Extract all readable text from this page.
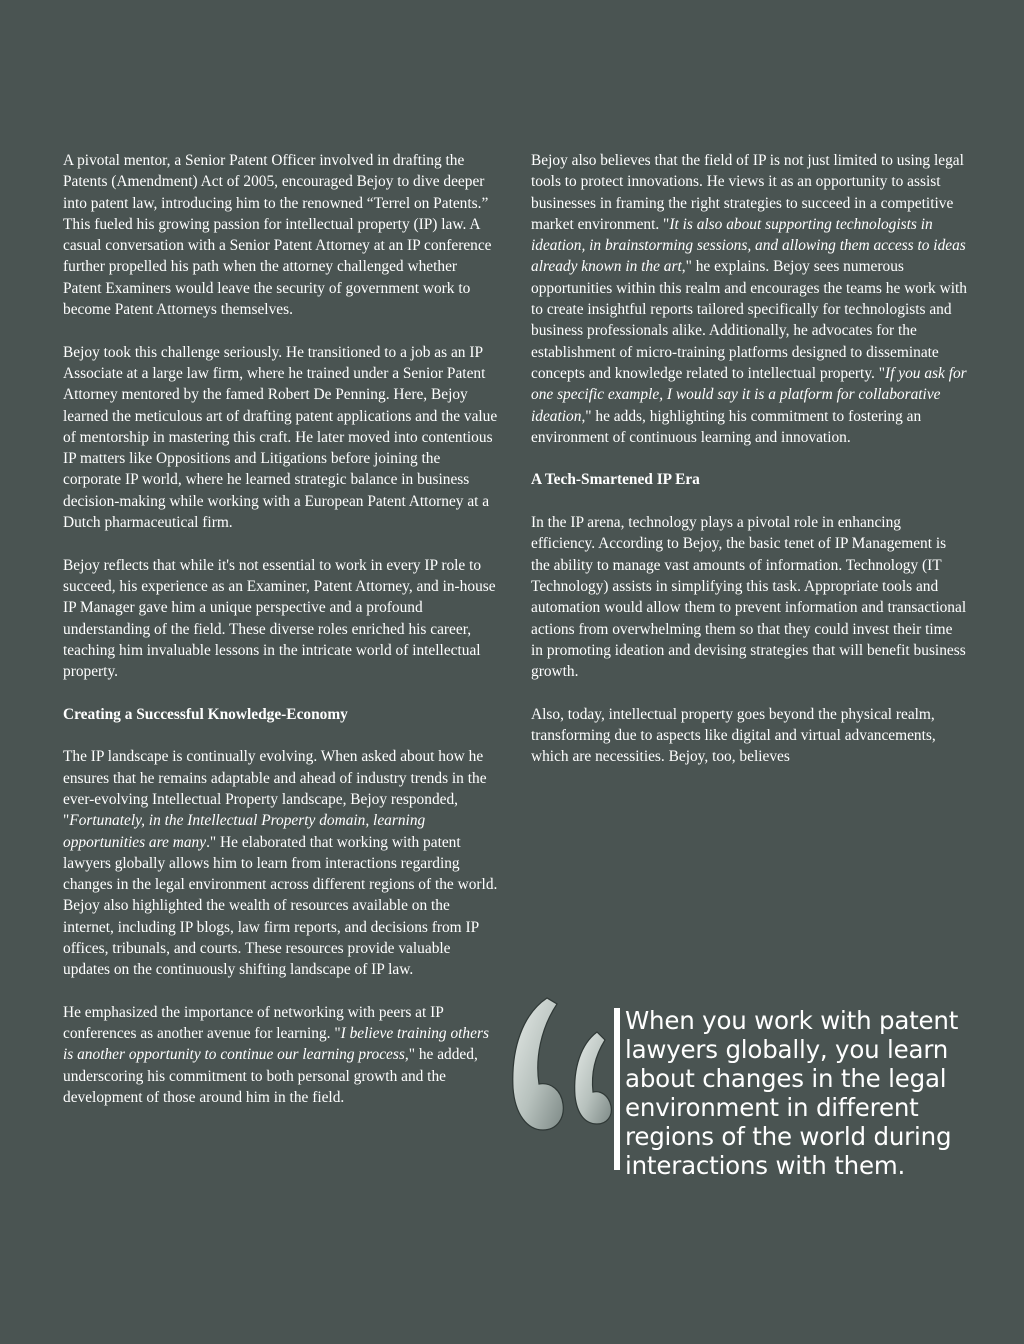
A pivotal mentor, a Senior Patent Officer involved in drafting the Patents (Amendment) Act of 2005, encouraged Bejoy to dive deeper into patent law, introducing him to the renowned “Terrel on Patents.” This fueled his growing passion for intellectual property (IP) law. A casual conversation with a Senior Patent Attorney at an IP conference further propelled his path when the attorney challenged whether Patent Examiners would leave the security of government work to become Patent Attorneys themselves.

Bejoy took this challenge seriously. He transitioned to a job as an IP Associate at a large law firm, where he trained under a Senior Patent Attorney mentored by the famed Robert De Penning. Here, Bejoy learned the meticulous art of drafting patent applications and the value of mentorship in mastering this craft. He later moved into contentious IP matters like Oppositions and Litigations before joining the corporate IP world, where he learned strategic balance in business decision-making while working with a European Patent Attorney at a Dutch pharmaceutical firm.

Bejoy reflects that while it's not essential to work in every IP role to succeed, his experience as an Examiner, Patent Attorney, and in-house IP Manager gave him a unique perspective and a profound understanding of the field. These diverse roles enriched his career, teaching him invaluable lessons in the intricate world of intellectual property.

Creating a Successful Knowledge-Economy

The IP landscape is continually evolving. When asked about how he ensures that he remains adaptable and ahead of industry trends in the ever-evolving Intellectual Property landscape, Bejoy responded, "Fortunately, in the Intellectual Property domain, learning opportunities are many." He elaborated that working with patent lawyers globally allows him to learn from interactions regarding changes in the legal environment across different regions of the world. Bejoy also highlighted the wealth of resources available on the internet, including IP blogs, law firm reports, and decisions from IP offices, tribunals, and courts. These resources provide valuable updates on the continuously shifting landscape of IP law.

He emphasized the importance of networking with peers at IP conferences as another avenue for learning. "I believe training others is another opportunity to continue our learning process," he added, underscoring his commitment to both personal growth and the development of those around him in the field.

Bejoy also believes that the field of IP is not just limited to using legal tools to protect innovations. He views it as an opportunity to assist businesses in framing the right strategies to succeed in a competitive market environment. "It is also about supporting technologists in ideation, in brainstorming sessions, and allowing them access to ideas already known in the art," he explains. Bejoy sees numerous opportunities within this realm and encourages the teams he work with to create insightful reports tailored specifically for technologists and business professionals alike. Additionally, he advocates for the establishment of micro-training platforms designed to disseminate concepts and knowledge related to intellectual property. "If you ask for one specific example, I would say it is a platform for collaborative ideation," he adds, highlighting his commitment to fostering an environment of continuous learning and innovation.

A Tech-Smartened IP Era

In the IP arena, technology plays a pivotal role in enhancing efficiency. According to Bejoy, the basic tenet of IP Management is the ability to manage vast amounts of information. Technology (IT Technology) assists in simplifying this task. Appropriate tools and automation would allow them to prevent information and transactional actions from overwhelming them so that they could invest their time in promoting ideation and devising strategies that will benefit business growth.

Also, today, intellectual property goes beyond the physical realm, transforming due to aspects like digital and virtual advancements, which are necessities. Bejoy, too, believes

When you work with patent lawyers globally, you learn about changes in the legal environment in different regions of the world during interactions with them.
